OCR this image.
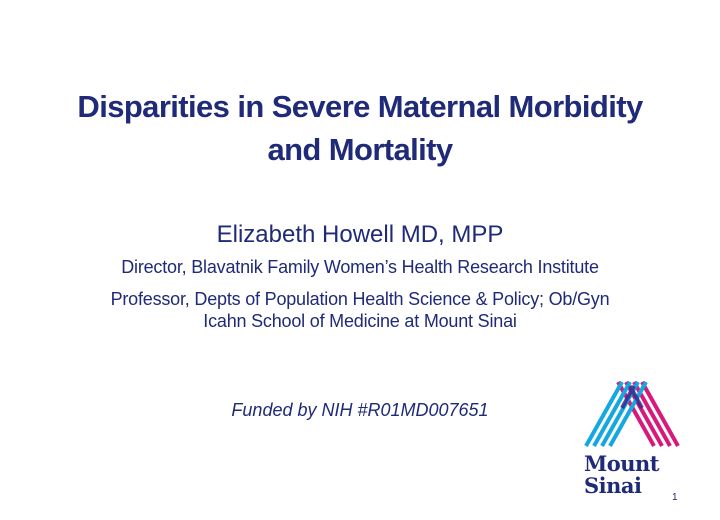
Disparities in Severe Maternal Morbidity
and Mortality
Elizabeth Howell MD, MPP
Director, Blavatnik Family Women’s Health Research Institute
Professor, Depts of Population Health Science & Policy; Ob/Gyn
Icahn School of Medicine at Mount Sinai
Funded by NIH #R01MD007651
Mount
Sinai	1
